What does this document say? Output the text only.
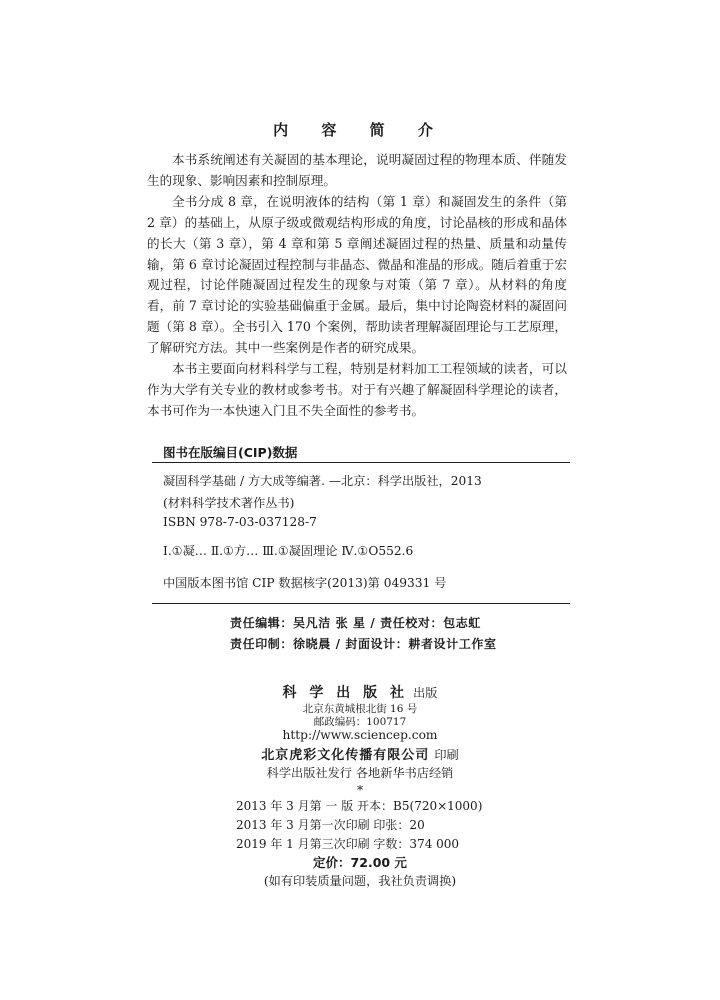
内 容 简 介

本书系统阐述有关凝固的基本理论，说明凝固过程的物理本质、伴随发生的现象、影响因素和控制原理。

全书分成 8 章，在说明液体的结构（第 1 章）和凝固发生的条件（第 2 章）的基础上，从原子级或微观结构形成的角度，讨论晶核的形成和晶体的长大（第 3 章），第 4 章和第 5 章阐述凝固过程的热量、质量和动量传输，第 6 章讨论凝固过程控制与非晶态、微晶和准晶的形成。随后着重于宏观过程，讨论伴随凝固过程发生的现象与对策（第 7 章）。从材料的角度看，前 7 章讨论的实验基础偏重于金属。最后，集中讨论陶瓷材料的凝固问题（第 8 章）。全书引入 170 个案例，帮助读者理解凝固理论与工艺原理，了解研究方法。其中一些案例是作者的研究成果。

本书主要面向材料科学与工程，特别是材料加工工程领域的读者，可以作为大学有关专业的教材或参考书。对于有兴趣了解凝固科学理论的读者，本书可作为一本快速入门且不失全面性的参考书。

图书在版编目(CIP)数据
凝固科学基础 / 方大成等编著. —北京：科学出版社，2013
(材料科学技术著作丛书)
ISBN 978-7-03-037128-7
Ⅰ.①凝… Ⅱ.①方… Ⅲ.①凝固理论 Ⅳ.①O552.6
中国版本图书馆 CIP 数据核字(2013)第 049331 号
责任编辑：吴凡洁 张 星 / 责任校对：包志虹
责任印制：徐晓晨 / 封面设计：耕者设计工作室
科 学 出 版 社 出版
北京东黄城根北街 16 号
邮政编码：100717
http://www.sciencep.com
北京虎彩文化传播有限公司 印刷
科学出版社发行 各地新华书店经销
*
2013 年 3 月第 一 版 开本：B5(720×1000)
2013 年 3 月第一次印刷 印张：20
2019 年 1 月第三次印刷 字数：374 000
定价：72.00 元
(如有印装质量问题，我社负责调换)
